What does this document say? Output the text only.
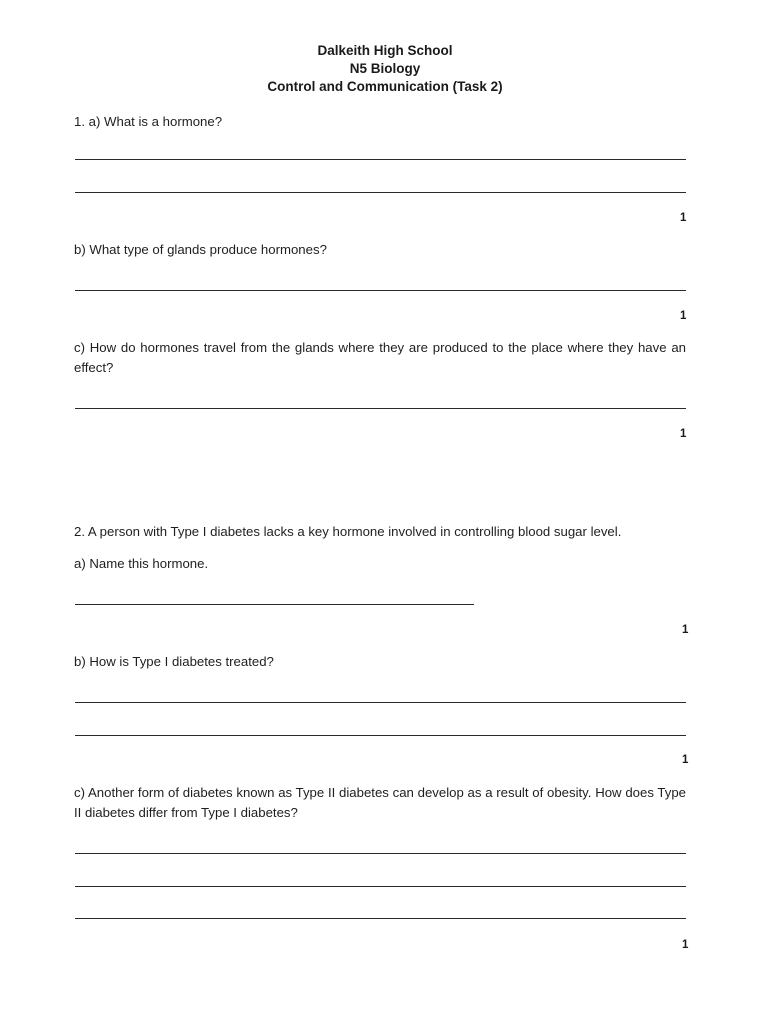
Dalkeith High School
N5 Biology
Control and Communication (Task 2)
1. a) What is a hormone?
1
b) What type of glands produce hormones?
1
c) How do hormones travel from the glands where they are produced to the place where they have an effect?
1
2. A person with Type I diabetes lacks a key hormone involved in controlling blood sugar level.
a) Name this hormone.
1
b) How is Type I diabetes treated?
1
c) Another form of diabetes known as Type II diabetes can develop as a result of obesity. How does Type II diabetes differ from Type I diabetes?
1
